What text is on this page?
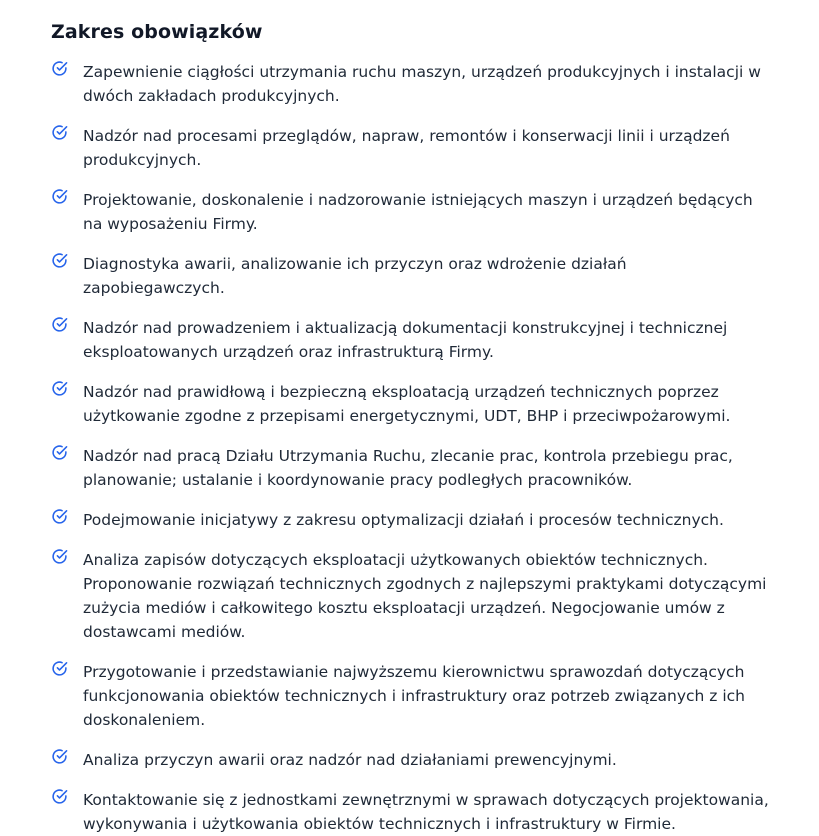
Zakres obowiązków
Zapewnienie ciągłości utrzymania ruchu maszyn, urządzeń produkcyjnych i instalacji w dwóch zakładach produkcyjnych.
Nadzór nad procesami przeglądów, napraw, remontów i konserwacji linii i urządzeń produkcyjnych.
Projektowanie, doskonalenie i nadzorowanie istniejących maszyn i urządzeń będących na wyposażeniu Firmy.
Diagnostyka awarii, analizowanie ich przyczyn oraz wdrożenie działań zapobiegawczych.
Nadzór nad prowadzeniem i aktualizacją dokumentacji konstrukcyjnej i technicznej eksploatowanych urządzeń oraz infrastrukturą Firmy.
Nadzór nad prawidłową i bezpieczną eksploatacją urządzeń technicznych poprzez użytkowanie zgodne z przepisami energetycznymi, UDT, BHP i przeciwpożarowymi.
Nadzór nad pracą Działu Utrzymania Ruchu, zlecanie prac, kontrola przebiegu prac, planowanie; ustalanie i koordynowanie pracy podległych pracowników.
Podejmowanie inicjatywy z zakresu optymalizacji działań i procesów technicznych.
Analiza zapisów dotyczących eksploatacji użytkowanych obiektów technicznych. Proponowanie rozwiązań technicznych zgodnych z najlepszymi praktykami dotyczącymi zużycia mediów i całkowitego kosztu eksploatacji urządzeń. Negocjowanie umów z dostawcami mediów.
Przygotowanie i przedstawianie najwyższemu kierownictwu sprawozdań dotyczących funkcjonowania obiektów technicznych i infrastruktury oraz potrzeb związanych z ich doskonaleniem.
Analiza przyczyn awarii oraz nadzór nad działaniami prewencyjnymi.
Kontaktowanie się z jednostkami zewnętrznymi w sprawach dotyczących projektowania, wykonywania i użytkowania obiektów technicznych i infrastruktury w Firmie.
